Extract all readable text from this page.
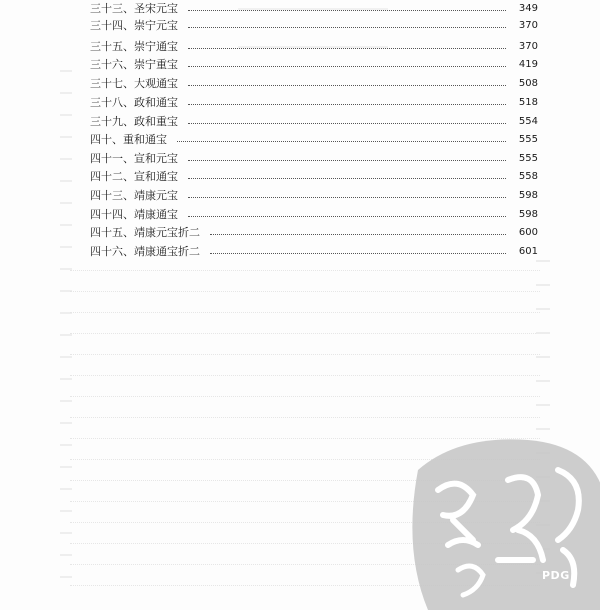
三十三、圣宋元宝	349
三十四、崇宁元宝	370
三十五、崇宁通宝	370
三十六、崇宁重宝	419
三十七、大观通宝	508
三十八、政和通宝	518
三十九、政和重宝	554
四十、重和通宝	555
四十一、宣和元宝	555
四十二、宣和通宝	558
四十三、靖康元宝	598
四十四、靖康通宝	598
四十五、靖康元宝折二	600
四十六、靖康通宝折二	601
PDG
